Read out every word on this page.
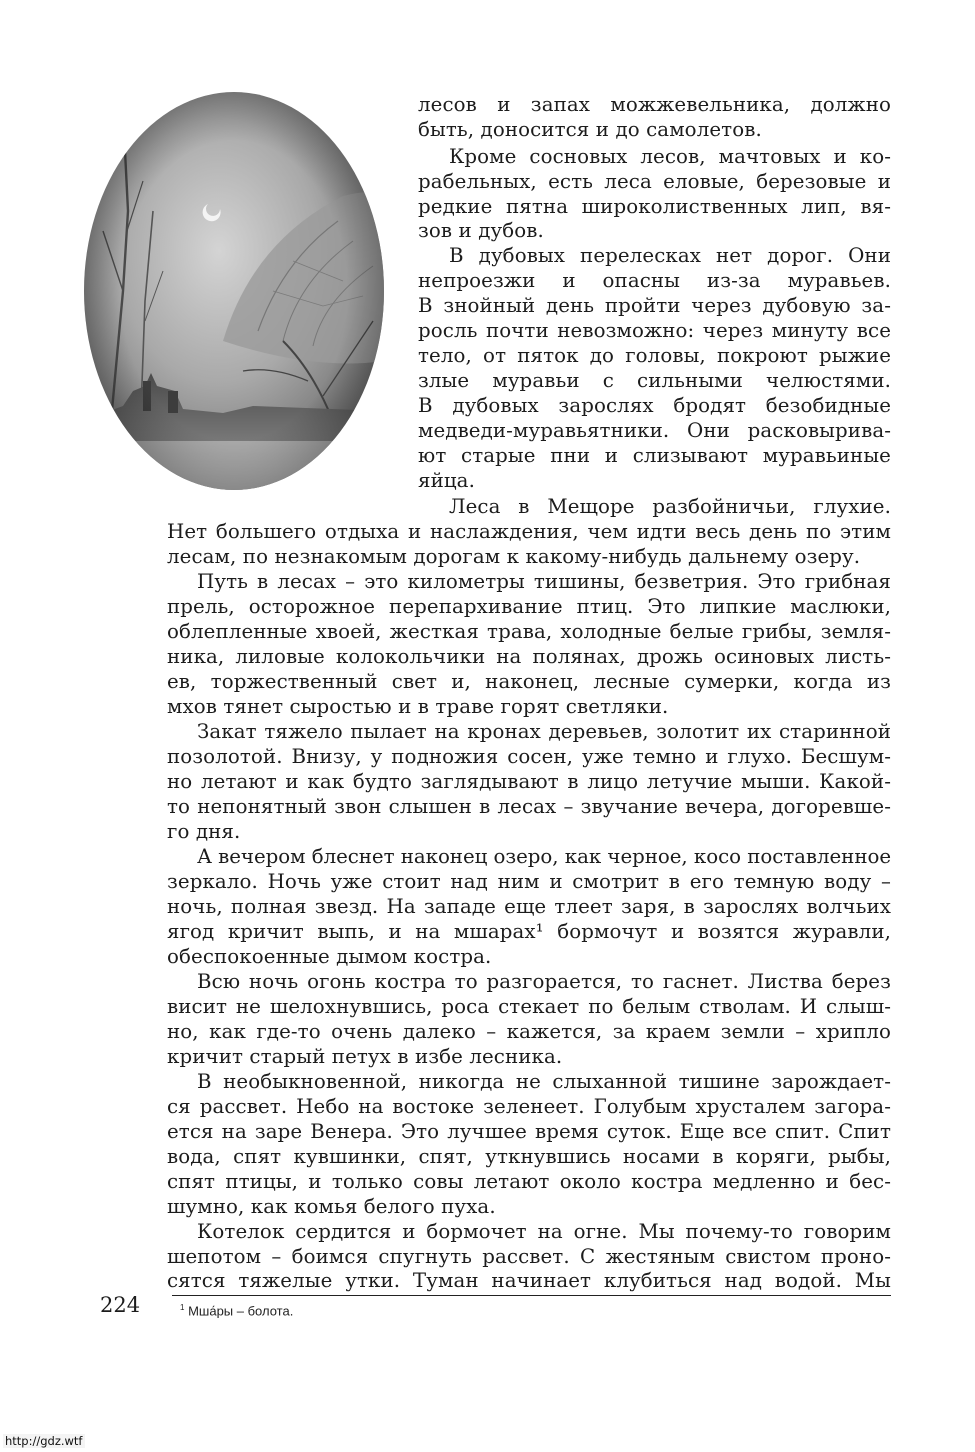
лесов и запах можжевельника, должно
быть, доносится и до самолетов.
Кроме сосновых лесов, мачтовых и ко-
рабельных, есть леса еловые, березовые и
редкие пятна широколиственных лип, вя-
зов и дубов.
В дубовых перелесках нет дорог. Они
непроезжи и опасны из-за муравьев.
В знойный день пройти через дубовую за-
росль почти невозможно: через минуту все
тело, от пяток до головы, покроют рыжие
злые муравьи с сильными челюстями.
В дубовых зарослях бродят безобидные
медведи-муравьятники. Они расковырива-
ют старые пни и слизывают муравьиные
яйца.
Леса в Мещоре разбойничьи, глухие.
Нет большего отдыха и наслаждения, чем идти весь день по этим
лесам, по незнакомым дорогам к какому-нибудь дальнему озеру.
Путь в лесах – это километры тишины, безветрия. Это грибная
прель, осторожное перепархивание птиц. Это липкие маслюки,
облепленные хвоей, жесткая трава, холодные белые грибы, земля-
ника, лиловые колокольчики на полянах, дрожь осиновых листь-
ев, торжественный свет и, наконец, лесные сумерки, когда из
мхов тянет сыростью и в траве горят светляки.
Закат тяжело пылает на кронах деревьев, золотит их старинной
позолотой. Внизу, у подножия сосен, уже темно и глухо. Бесшум-
но летают и как будто заглядывают в лицо летучие мыши. Какой-
то непонятный звон слышен в лесах – звучание вечера, догоревше-
го дня.
А вечером блеснет наконец озеро, как черное, косо поставленное
зеркало. Ночь уже стоит над ним и смотрит в его темную воду –
ночь, полная звезд. На западе еще тлеет заря, в зарослях волчьих
ягод кричит выпь, и на мшарах¹ бормочут и возятся журавли,
обеспокоенные дымом костра.
Всю ночь огонь костра то разгорается, то гаснет. Листва берез
висит не шелохнувшись, роса стекает по белым стволам. И слыш-
но, как где-то очень далеко – кажется, за краем земли – хрипло
кричит старый петух в избе лесника.
В необыкновенной, никогда не слыханной тишине зарождает-
ся рассвет. Небо на востоке зеленеет. Голубым хрусталем загора-
ется на заре Венера. Это лучшее время суток. Еще все спит. Спит
вода, спят кувшинки, спят, уткнувшись носами в коряги, рыбы,
спят птицы, и только совы летают около костра медленно и бес-
шумно, как комья белого пуха.
Котелок сердится и бормочет на огне. Мы почему-то говорим
шепотом – боимся спугнуть рассвет. С жестяным свистом проно-
сятся тяжелые утки. Туман начинает клубиться над водой. Мы
224	$^1$ Мша́ры – болота.
http://gdz.wtf
